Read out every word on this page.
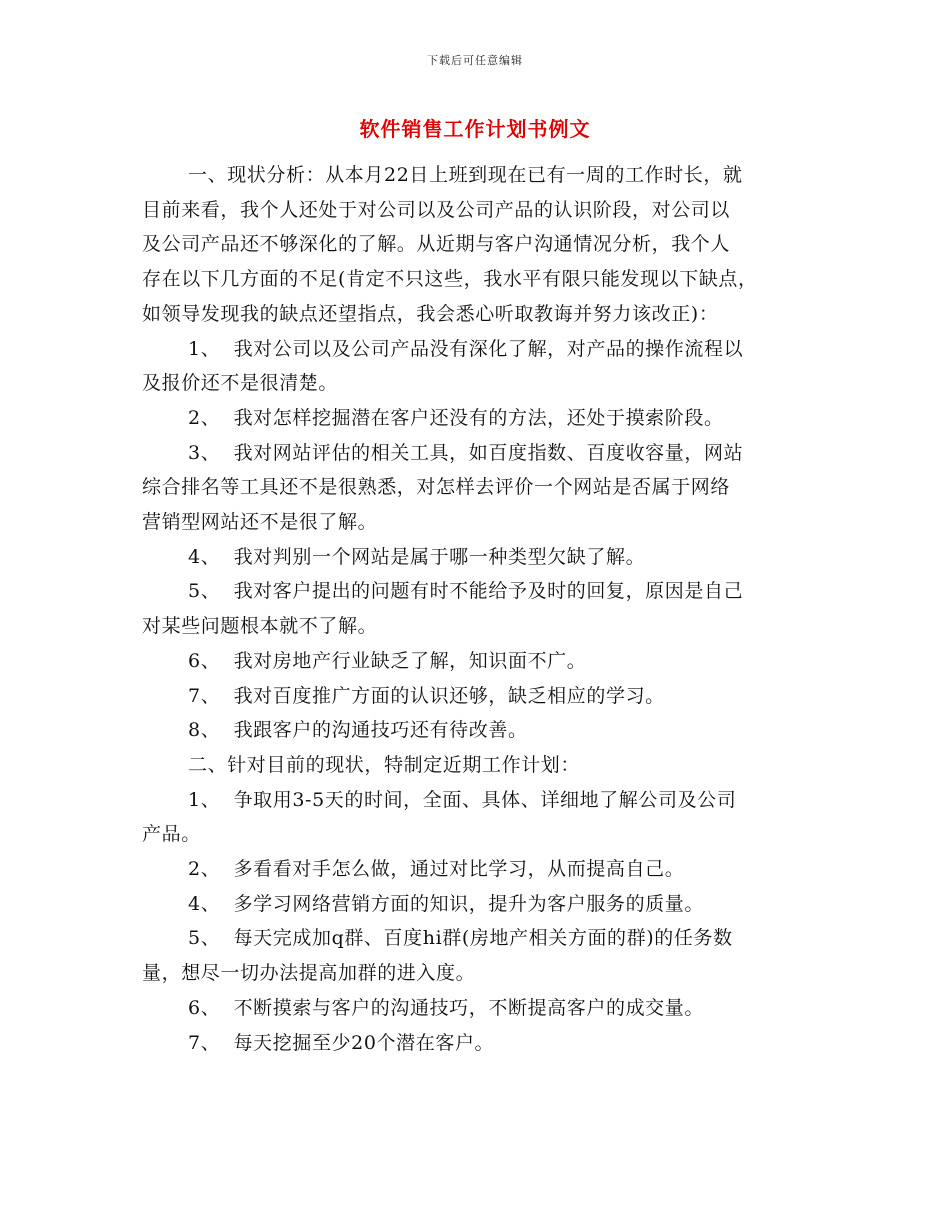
下载后可任意编辑
软件销售工作计划书例文

一、现状分析：从本月22日上班到现在已有一周的工作时长，就

目前来看，我个人还处于对公司以及公司产品的认识阶段，对公司以

及公司产品还不够深化的了解。从近期与客户沟通情况分析，我个人

存在以下几方面的不足(肯定不只这些，我水平有限只能发现以下缺点，

如领导发现我的缺点还望指点，我会悉心听取教诲并努力该改正)：

1、  我对公司以及公司产品没有深化了解，对产品的操作流程以

及报价还不是很清楚。

2、  我对怎样挖掘潜在客户还没有的方法，还处于摸索阶段。

3、  我对网站评估的相关工具，如百度指数、百度收容量，网站

综合排名等工具还不是很熟悉，对怎样去评价一个网站是否属于网络

营销型网站还不是很了解。

4、  我对判别一个网站是属于哪一种类型欠缺了解。

5、  我对客户提出的问题有时不能给予及时的回复，原因是自己

对某些问题根本就不了解。

6、  我对房地产行业缺乏了解，知识面不广。

7、  我对百度推广方面的认识还够，缺乏相应的学习。

8、  我跟客户的沟通技巧还有待改善。

二、针对目前的现状，特制定近期工作计划：

1、  争取用3-5天的时间，全面、具体、详细地了解公司及公司

产品。

2、  多看看对手怎么做，通过对比学习，从而提高自己。

4、  多学习网络营销方面的知识，提升为客户服务的质量。

5、  每天完成加q群、百度hi群(房地产相关方面的群)的任务数

量，想尽一切办法提高加群的进入度。

6、  不断摸索与客户的沟通技巧，不断提高客户的成交量。

7、  每天挖掘至少20个潜在客户。
